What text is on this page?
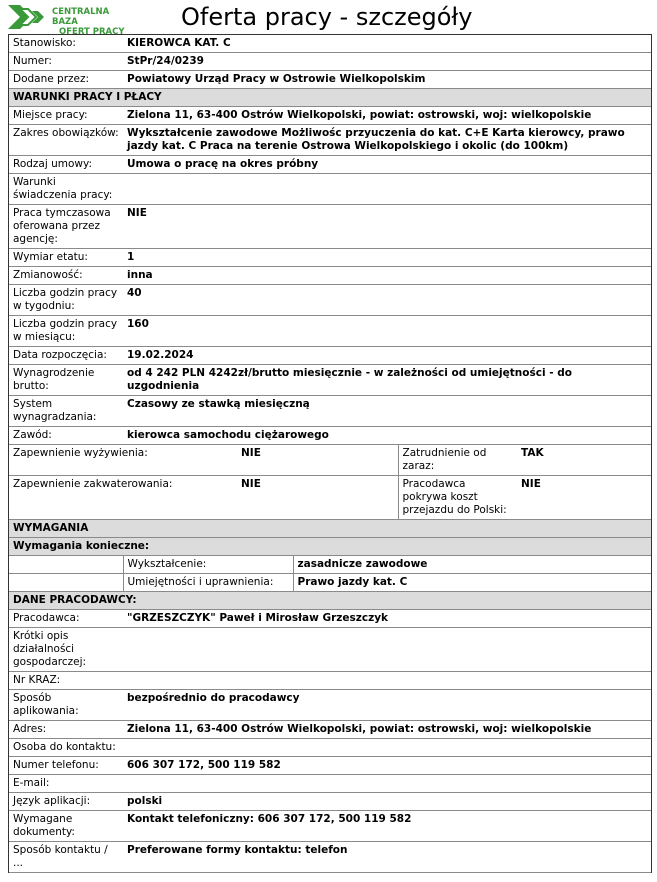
CENTRALNA BAZA
OFERT PRACY
Oferta pracy - szczegóły
Stanowisko:	KIEROWCA KAT. C				
Numer:	StPr/24/0239				
Dodane przez:	Powiatowy Urząd Pracy w Ostrowie Wielkopolskim				
WARUNKI PRACY I PŁACY					
Miejsce pracy:	Zielona 11, 63-400 Ostrów Wielkopolski, powiat: ostrowski, woj: wielkopolskie				
Zakres obowiązków:	Wykształcenie zawodowe Możliwośc przyuczenia do kat. C+E Karta kierowcy, prawo jazdy kat. C Praca na terenie Ostrowa Wielkopolskiego i okolic (do 100km)				
Rodzaj umowy:	Umowa o pracę na okres próbny				
Warunki świadczenia pracy:					
Praca tymczasowa oferowana przez agencję:	NIE				
Wymiar etatu:	1				
Zmianowość:	inna				
Liczba godzin pracy w tygodniu:	40				
Liczba godzin pracy w miesiącu:	160				
Data rozpoczęcia:	19.02.2024				
Wynagrodzenie brutto:	od 4 242 PLN 4242zł/brutto miesięcznie - w zależności od umiejętności - do uzgodnienia				
System wynagradzania:	Czasowy ze stawką miesięczną				
Zawód:	kierowca samochodu ciężarowego				
Zapewnienie wyżywienia:		NIE		Zatrudnienie od zaraz:	TAK
Zapewnienie zakwaterowania:		NIE		Pracodawca pokrywa koszt przejazdu do Polski:	NIE
WYMAGANIA					
Wymagania konieczne:					
	Wykształcenie:		zasadnicze zawodowe		
	Umiejętności i uprawnienia:		Prawo jazdy kat. C		
DANE PRACODAWCY:					
Pracodawca:	"GRZESZCZYK" Paweł i Mirosław Grzeszczyk				
Krótki opis działalności gospodarczej:					
Nr KRAZ:					
Sposób aplikowania:	bezpośrednio do pracodawcy				
Adres:	Zielona 11, 63-400 Ostrów Wielkopolski, powiat: ostrowski, woj: wielkopolskie				
Osoba do kontaktu:					
Numer telefonu:	606 307 172, 500 119 582				
E-mail:					
Język aplikacji:	polski				
Wymagane dokumenty:	Kontakt telefoniczny: 606 307 172, 500 119 582				
Sposób kontaktu / ...	Preferowane formy kontaktu: telefon				
